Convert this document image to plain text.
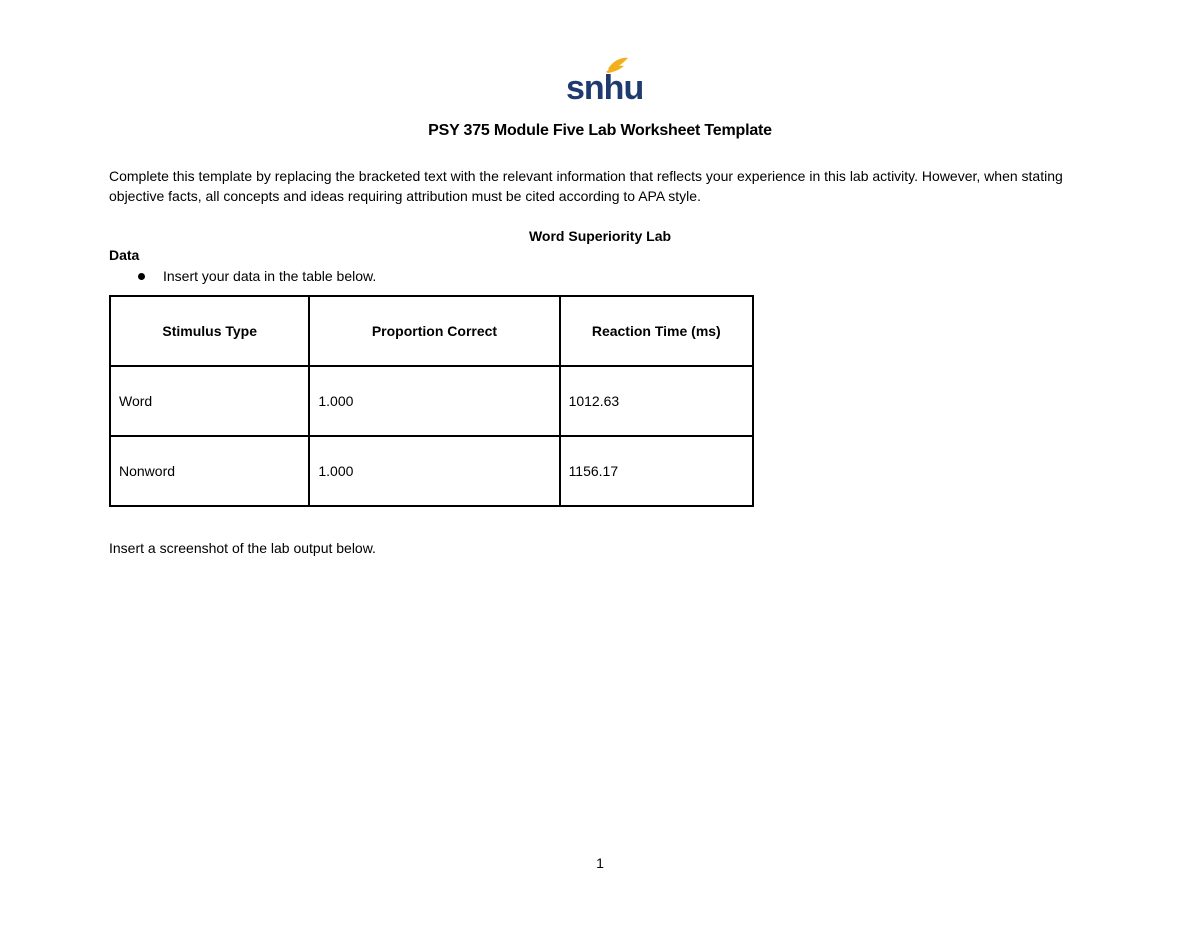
snhu
PSY 375 Module Five Lab Worksheet Template
Complete this template by replacing the bracketed text with the relevant information that reflects your experience in this lab activity. However, when stating objective facts, all concepts and ideas requiring attribution must be cited according to APA style.
Word Superiority Lab
Data
Insert your data in the table below.
Stimulus Type	Proportion Correct	Reaction Time (ms)
Word	1.000	1012.63
Nonword	1.000	1156.17
Insert a screenshot of the lab output below.
1
